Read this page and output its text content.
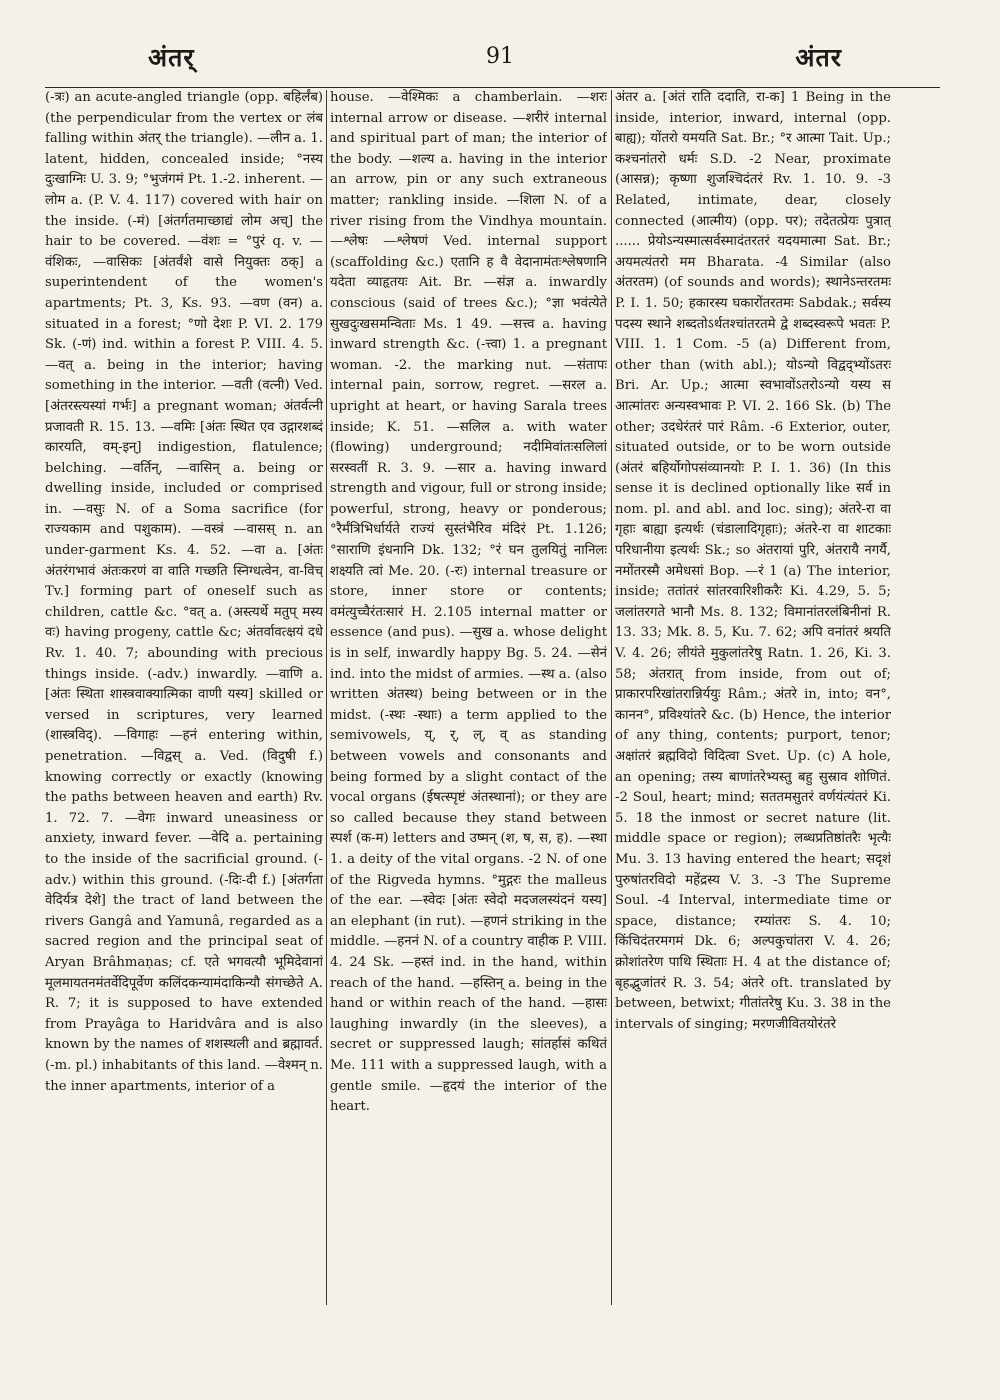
अंतर्	91	अंतर

(-त्रः) an acute-angled triangle (opp. बहिर्लंब) (the perpendicular from the vertex or लंब falling within अंतर् the triangle). —लीन a. 1. latent, hidden, concealed inside; °नस्य दुःखाग्निः U. 3. 9; °भुजंगमं Pt. 1.-2. inherent. —लोम a. (P. V. 4. 117) covered with hair on the inside. (-मं) [अंतर्गतमाच्छाद्यं लोम अच्] the hair to be covered. —वंशः = °पुरं q. v. —वंशिकः, —वासिकः [अंतर्वंशे वासे नियुक्तः ठक्] a superintendent of the women's apartments; Pt. 3, Ks. 93. —वण (वन) a. situated in a forest; °णो देशः P. VI. 2. 179 Sk. (-णं) ind. within a forest P. VIII. 4. 5. —वत् a. being in the interior; having something in the interior. —वती (वत्नी) Ved. [अंतरस्त्यस्यां गर्भः] a pregnant woman; अंतर्वत्नी प्रजावती R. 15. 13. —वमिः [अंतः स्थित एव उद्गारशब्दं कारयति, वम्-इन्] indigestion, flatulence; belching. —वर्तिन्, —वासिन् a. being or dwelling inside, included or comprised in. —वसुः N. of a Soma sacrifice (for राज्यकाम and पशुकाम). —वस्त्रं —वासस् n. an under-garment Ks. 4. 52. —वा a. [अंतः अंतरंगभावं अंतःकरणं वा वाति गच्छति स्निग्धत्वेन, वा-विच् Tv.] forming part of oneself such as children, cattle &c. °वत् a. (अस्त्यर्थे मतुप् मस्य वः) having progeny, cattle &c; अंतर्वावत्क्षयं दधे Rv. 1. 40. 7; abounding with precious things inside. (-adv.) inwardly. —वाणि a. [अंतः स्थिता शास्त्रवाक्यात्मिका वाणी यस्य] skilled or versed in scriptures, very learned (शास्त्रविद्). —विगाहः —हनं entering within, penetration. —विद्वस् a. Ved. (विदुषी f.) knowing correctly or exactly (knowing the paths between heaven and earth) Rv. 1. 72. 7. —वेगः inward uneasiness or anxiety, inward fever. —वेदि a. pertaining to the inside of the sacrificial ground. (-adv.) within this ground. (-दिः-दी f.) [अंतर्गता वेदिर्यत्र देशे] the tract of land between the rivers Gangâ and Yamunâ, regarded as a sacred region and the principal seat of Aryan Brâhmaṇas; cf. एते भगवत्यौ भूमिदेवानां मूलमायतनमंतर्वेदिपूर्वेण कलिंदकन्यामंदाकिन्यौ संगच्छेते A. R. 7; it is supposed to have extended from Prayâga to Haridvâra and is also known by the names of शशस्थली and ब्रह्मावर्त. (-m. pl.) inhabitants of this land. —वेश्मन् n. the inner apartments, interior of a

house. —वेश्मिकः a chamberlain. —शरः internal arrow or disease. —शरीरं internal and spiritual part of man; the interior of the body. —शल्य a. having in the interior an arrow, pin or any such extraneous matter; rankling inside. —शिला N. of a river rising from the Vindhya mountain. —श्लेषः —श्लेषणं Ved. internal support (scaffolding &c.) एतानि ह वै वेदानामंतःश्लेषणानि यदेता व्याहृतयः Ait. Br. —संज्ञ a. inwardly conscious (said of trees &c.); °ज्ञा भवंत्येते सुखदुःखसमन्विताः Ms. 1 49. —सत्त्व a. having inward strength &c. (-त्त्वा) 1. a pregnant woman. -2. the marking nut. —संतापः internal pain, sorrow, regret. —सरल a. upright at heart, or having Sarala trees inside; K. 51. —सलिल a. with water (flowing) underground; नदीमिवांतःसलिलां सरस्वतीं R. 3. 9. —सार a. having inward strength and vigour, full or strong inside; powerful, strong, heavy or ponderous; °रैर्मंत्रिभिर्धार्यते राज्यं सुस्तंभैरिव मंदिरं Pt. 1.126; °साराणि इंधनानि Dk. 132; °रं घन तुलयितुं नानिलः शक्ष्यति त्वां Me. 20. (-रः) internal treasure or store, inner store or contents; वमंत्युच्चैरंतःसारं H. 2.105 internal matter or essence (and pus). —सुख a. whose delight is in self, inwardly happy Bg. 5. 24. —सेनं ind. into the midst of armies. —स्थ a. (also written अंतस्थ) being between or in the midst. (-स्थः -स्थाः) a term applied to the semivowels, य्, र्, ल्, व् as standing between vowels and consonants and being formed by a slight contact of the vocal organs (ईषत्स्पृष्टं अंतस्थानां); or they are so called because they stand between स्पर्श (क-म) letters and उष्मन् (श, ष, स, ह). —स्था 1. a deity of the vital organs. -2 N. of one of the Rigveda hymns. °मुद्गरः the malleus of the ear. —स्वेदः [अंतः स्वेदो मदजलस्यंदनं यस्य] an elephant (in rut). —हणनं striking in the middle. —हननं N. of a country वाहीक P. VIII. 4. 24 Sk. —हस्तं ind. in the hand, within reach of the hand. —हस्तिन् a. being in the hand or within reach of the hand. —हासः laughing inwardly (in the sleeves), a secret or suppressed laugh; सांतर्हासं कथितं Me. 111 with a suppressed laugh, with a gentle smile. —हृदयं the interior of the heart.

अंतर a. [अंतं राति ददाति, रा-क] 1 Being in the inside, interior, inward, internal (opp. बाह्य); योंतरो यमयति Sat. Br.; °र आत्मा Tait. Up.; कश्चनांतरो धर्मः S.D. -2 Near, proximate (आसन्न); कृष्णा शुजश्चिदंतरं Rv. 1. 10. 9. -3 Related, intimate, dear, closely connected (आत्मीय) (opp. पर); तदेतत्प्रेयः पुत्रात् ...... प्रेयोऽन्यस्मात्सर्वस्मादंतरतरं यदयमात्मा Sat. Br.; अयमत्यंतरो मम Bharata. -4 Similar (also अंतरतम) (of sounds and words); स्थानेऽन्तरतमः P. I. 1. 50; हकारस्य घकारोंतरतमः Sabdak.; सर्वस्य पदस्य स्थाने शब्दतोऽर्थतश्चांतरतमे द्वे शब्दस्वरूपे भवतः P. VIII. 1. 1 Com. -5 (a) Different from, other than (with abl.); योऽन्यो विद्वद्भ्योंऽतरः Bri. Ar. Up.; आत्मा स्वभावोंऽतरोऽन्यो यस्य स आत्मांतरः अन्यस्वभावः P. VI. 2. 166 Sk. (b) The other; उदधेरंतरं पारं Râm. -6 Exterior, outer, situated outside, or to be worn outside (अंतरं बहिर्योगोपसंव्यानयोः P. I. 1. 36) (In this sense it is declined optionally like सर्व in nom. pl. and abl. and loc. sing); अंतरे-रा वा गृहाः बाह्या इत्यर्थः (चंडालादिगृहाः); अंतरे-रा वा शाटकाः परिधानीया इत्यर्थः Sk.; so अंतरायां पुरि, अंतरायै नगर्यै, नमोंतरस्मै अमेधसां Bop. —रं 1 (a) The interior, inside; ततांतरं सांतरवारिशीकरैः Ki. 4.29, 5. 5; जलांतरगते भानौ Ms. 8. 132; विमानांतरलंबिनीनां R. 13. 33; Mk. 8. 5, Ku. 7. 62; अपि वनांतरं श्रयति V. 4. 26; लीयंते मुकुलांतरेषु Ratn. 1. 26, Ki. 3. 58; अंतरात् from inside, from out of; प्राकारपरिखांतरान्निर्ययुः Râm.; अंतरे in, into; वन°, कानन°, प्रविश्यांतरे &c. (b) Hence, the interior of any thing, contents; purport, tenor; अक्षांतरं ब्रह्मविदो विदित्वा Svet. Up. (c) A hole, an opening; तस्य बाणांतरेभ्यस्तु बहु सुस्राव शोणितं. -2 Soul, heart; mind; सततमसुतरं वर्णयंत्यंतरं Ki. 5. 18 the inmost or secret nature (lit. middle space or region); लब्धप्रतिष्ठांतरैः भृत्यैः Mu. 3. 13 having entered the heart; सदृशं पुरुषांतरविदो महेंद्रस्य V. 3. -3 The Supreme Soul. -4 Interval, intermediate time or space, distance; रम्यांतरः S. 4. 10; किंचिदंतरमगमं Dk. 6; अल्पकुचांतरा V. 4. 26; क्रोशांतरेण पाथि स्थिताः H. 4 at the distance of; बृहद्भुजांतरं R. 3. 54; अंतरे oft. translated by between, betwixt; गीतांतरेषु Ku. 3. 38 in the intervals of singing; मरणजीवितयोरंतरे
